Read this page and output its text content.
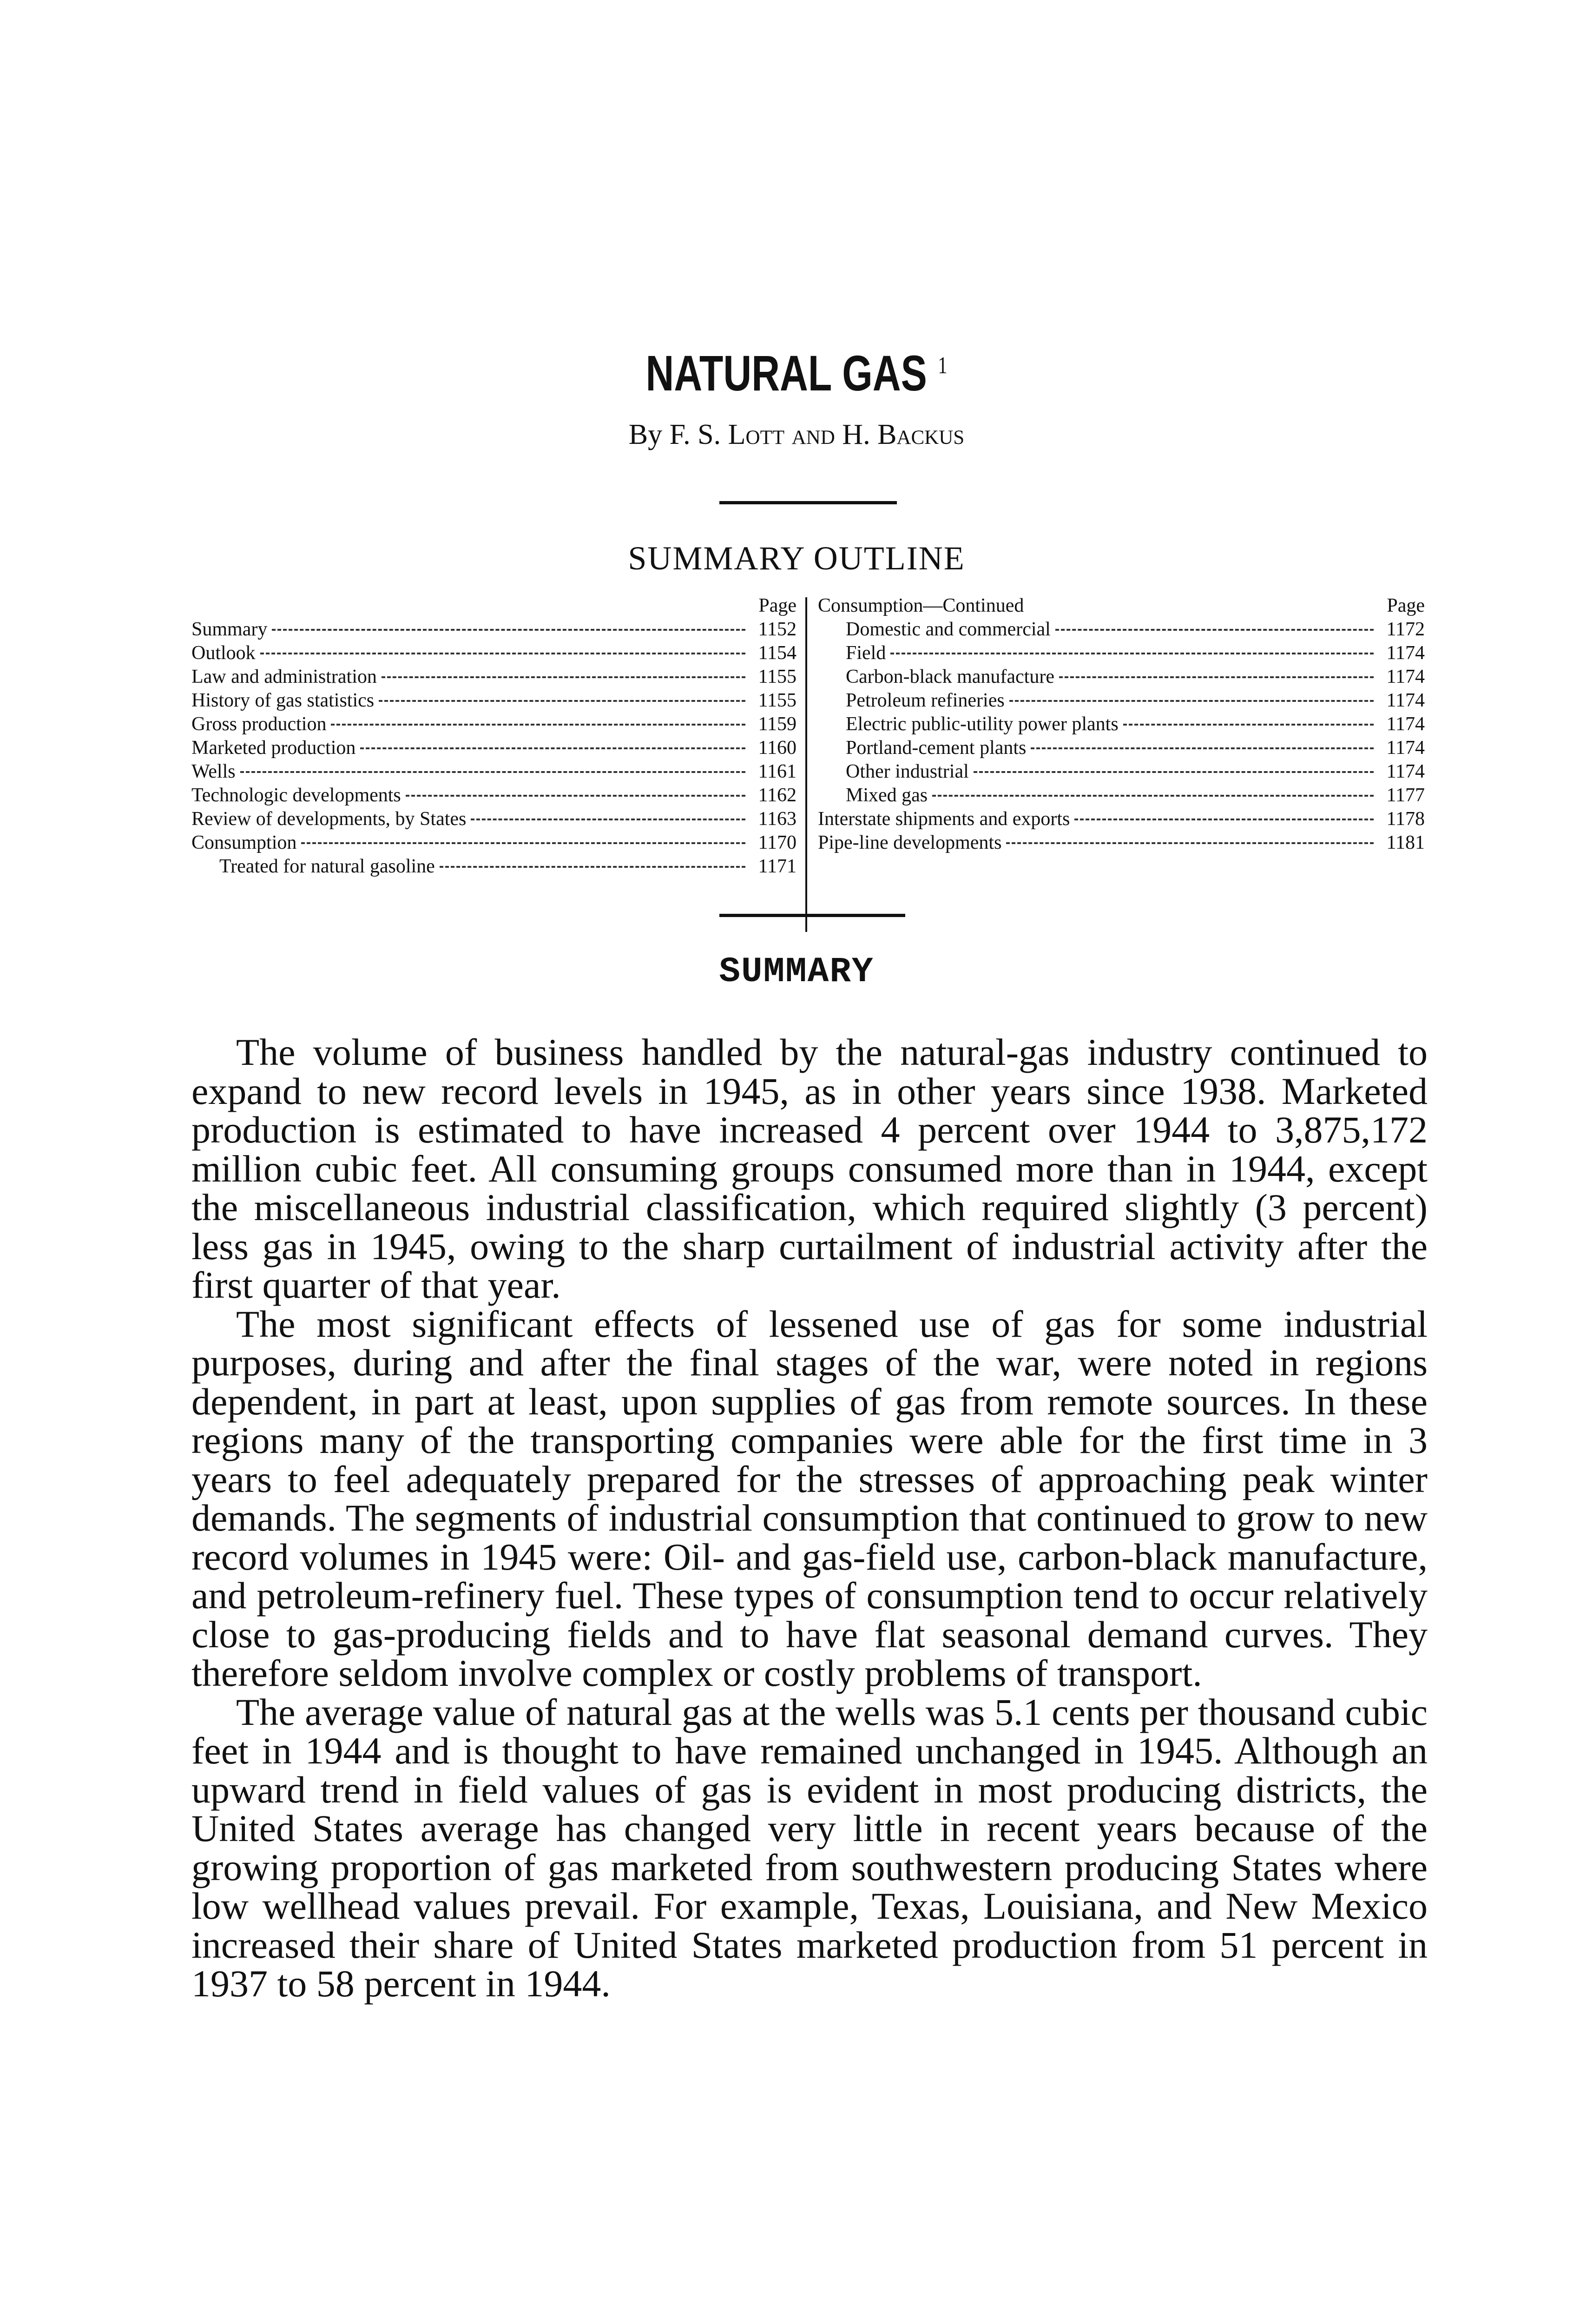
NATURAL GAS $^1$
By F. S. Lott and H. Backus
SUMMARY OUTLINE
Page
Summary	1152
Outlook	1154
Law and administration	1155
History of gas statistics	1155
Gross production	1159
Marketed production	1160
Wells	1161
Technologic developments	1162
Review of developments, by States	1163
Consumption	1170
Treated for natural gasoline	1171
Consumption—Continued	Page
Domestic and commercial	1172
Field	1174
Carbon-black manufacture	1174
Petroleum refineries	1174
Electric public-utility power plants	1174
Portland-cement plants	1174
Other industrial	1174
Mixed gas	1177
Interstate shipments and exports	1178
Pipe-line developments	1181
SUMMARY

The volume of business handled by the natural-gas industry continued to expand to new record levels in 1945, as in other years since 1938. Marketed production is estimated to have increased 4 percent over 1944 to 3,875,172 million cubic feet. All consuming groups consumed more than in 1944, except the miscellaneous industrial classification, which required slightly (3 percent) less gas in 1945, owing to the sharp curtailment of industrial activity after the first quarter of that year.

The most significant effects of lessened use of gas for some industrial purposes, during and after the final stages of the war, were noted in regions dependent, in part at least, upon supplies of gas from remote sources. In these regions many of the transporting companies were able for the first time in 3 years to feel adequately prepared for the stresses of approaching peak winter demands. The segments of industrial consumption that continued to grow to new record volumes in 1945 were: Oil- and gas-field use, carbon-black manufacture, and petroleum-refinery fuel. These types of consumption tend to occur relatively close to gas-producing fields and to have flat seasonal demand curves. They therefore seldom involve complex or costly problems of transport.

The average value of natural gas at the wells was 5.1 cents per thousand cubic feet in 1944 and is thought to have remained unchanged in 1945. Although an upward trend in field values of gas is evident in most producing districts, the United States average has changed very little in recent years because of the growing proportion of gas marketed from southwestern producing States where low wellhead values prevail. For example, Texas, Louisiana, and New Mexico increased their share of United States marketed production from 51 percent in 1937 to 58 percent in 1944.
